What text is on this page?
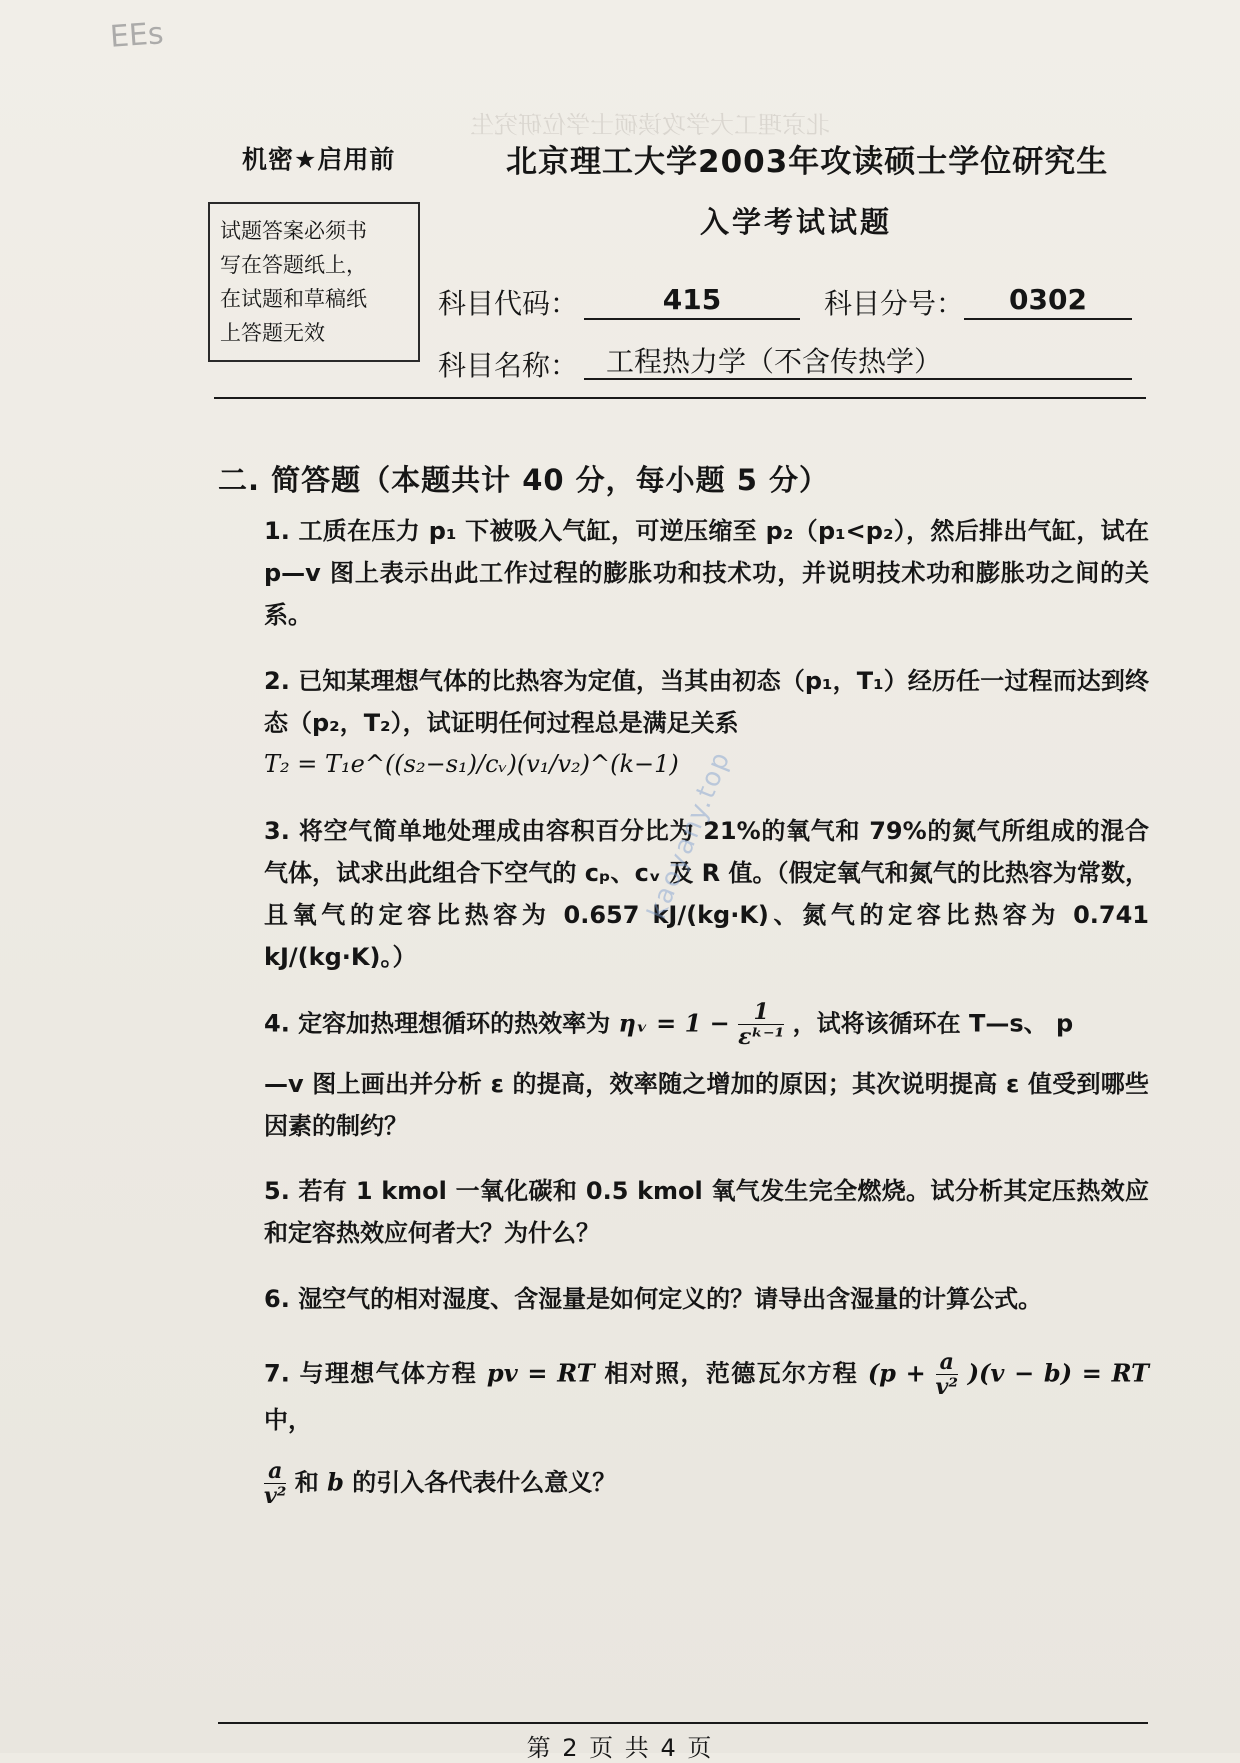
EEs
北京理工大学攻读硕士学位研究生
机密★启用前	北京理工大学2003年攻读硕士学位研究生
入学考试试题
试题答案必须书
写在答题纸上，
在试题和草稿纸
上答题无效
科目代码：	415	科目分号：	0302
科目名称： 工程热力学（不含传热学）
二. 简答题（本题共计 40 分，每小题 5 分）
1. 工质在压力 p₁ 下被吸入气缸，可逆压缩至 p₂（p₁<p₂），然后排出气缸，试在 p—v 图上表示出此工作过程的膨胀功和技术功，并说明技术功和膨胀功之间的关系。
2. 已知某理想气体的比热容为定值，当其由初态（p₁，T₁）经历任一过程而达到终态（p₂，T₂），试证明任何过程总是满足关系
T₂ = T₁e^((s₂−s₁)/cᵥ)(v₁/v₂)^(k−1)
3. 将空气简单地处理成由容积百分比为 21%的氧气和 79%的氮气所组成的混合气体，试求出此组合下空气的 cₚ、cᵥ 及 R 值。（假定氧气和氮气的比热容为常数，且氧气的定容比热容为 0.657 kJ/(kg·K)、氮气的定容比热容为 0.741 kJ/(kg·K)。）
4. 定容加热理想循环的热效率为 ηᵥ = $1 - \frac{1}{\text{εᵏ⁻¹}}$ ，试将该循环在 T—s、 p
—v 图上画出并分析 ε 的提高，效率随之增加的原因；其次说明提高 ε 值受到哪些因素的制约？
5. 若有 1 kmol 一氧化碳和 0.5 kmol 氧气发生完全燃烧。试分析其定压热效应和定容热效应何者大？为什么？
6. 湿空气的相对湿度、含湿量是如何定义的？请导出含湿量的计算公式。
7. 与理想气体方程 pv = RT 相对照，范德瓦尔方程 $(p + \frac{a}{\text{v²}} )(v - b)$ = RT 中，
$\frac{a}{\text{v²}}$ 和 b 的引入各代表什么意义？
kaoyany.top
第 2 页 共 4 页
